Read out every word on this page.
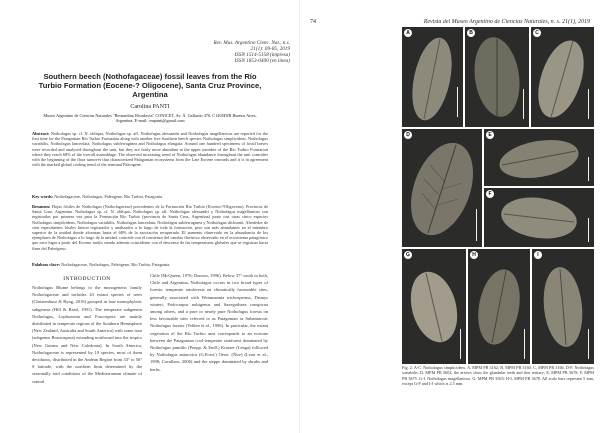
Rev. Mus. Argentino Cienc. Nat., n.s.
21(1): 69-85, 2019
ISSN 1514-5158 (impresa)
ISSN 1853-0400 (en línea)
Southern beech (Nothofagaceae) fossil leaves from the Río Turbio Formation (Eocene-? Oligocene), Santa Cruz Province, Argentina
Carolina PANTI
Museo Argentino de Ciencias Naturales "Bernardino Rivadavia" CONICET, Av. Á. Gallardo 470, C1405DJR Buenos Aires, Argentina. E-mail: cmpanti@gmail.com
Abstract: Nothofagus sp. cf. N. obliqua, Nothofagus sp. aff. Nothofagus alessandri and Nothofagus magellanicus are reported for the first time for the Patagonian Río Turbio Formation along with another five Southern beech species Nothofagus simplicidens, Nothofagus variabilis, Nothofagus lanceolata, Nothofagus subferruginea and Nothofagus elongata. Around one hundred specimens of fossil leaves were recorded and analysed throughout the unit, but they are fairly more abundant in the upper member of the Río Turbio Formation where they reach 68% of the overall assemblage. The observed increasing trend of Nothofagus abundance throughout the unit coincides with the beginning of the flora turnover that characterized Patagonian ecosystems from the Late Eocene onwards and it is in agreement with the marked global cooling trend of the terminal Paleogene.
Key words: Nothofagaceae, Nothofagus, Paleogene, Río Turbio, Patagonia.
Resumen: Hojas fósiles de Nothofagus (Nothofagaceae) procedentes de la Formación Río Turbio (Eoceno-?Oligoceno), Provincia de Santa Cruz, Argentina. Nothofagus sp. cf. N. obliqua, Nothofagus sp. aff. Nothofagus alessandri y Nothofagus magellanicus son registradas por primera vez para la Formación Río Turbio (provincia de Santa Cruz, Argentina) junto con otras cinco especies Nothofagus simplicidens, Nothofagus variabilis, Nothofagus lanceolata, Nothofagus subferruginea y Nothofagus dicksonii. Alrededor de cien especímenes fósiles fueron registrados y analizados a lo largo de toda la formación, pero son más abundantes en el miembro superior de la unidad donde alcanzan hasta el 68% de la asociación recuperada. El aumento observado en la abundancia de los ejemplares de Nothofagus a lo largo de la unidad, coincide con el comienzo del cambio florístico observado en el ecosistema patagónico que tuvo lugar a partir del Eoceno tardío siendo además coincidente con el descenso de las temperaturas globales que se registran hacia fines del Paleógeno.
Palabras clave: Nothofagaceae, Nothofagus, Paleógeno, Río Turbio, Patagonia.
INTRODUCTION
Nothofagus Blume belongs to the monogeneric family Nothofagaceae and includes 43 extant species of trees (Christenhusz & Byng, 2016) grouped in four monophyletic subgenera (Hill & Read, 1991). The temperate subgenera Nothofagus, Lophozonia and Fuscospora are mainly distributed in temperate regions of the Southern Hemisphere (New Zealand, Australia and South America) with some taxa (subgenus Brassospora) extending northward into the tropics (New Guinea and New Caledonia). In South America, Nothofagaceae is represented by 10 species, most of them deciduous, distributed in the Andean Region from 33° to 56° S latitude, with the northern limit determined by the seasonally arid conditions of the Mediterranean climate of central
Chile (McQueen, 1976; Donoso, 1996). Below 37° south in both, Chile and Argentina, Nothofagus occurs in two broad types of forests: temperate rainforests on climatically favourable sites, generally associated with Weinmannia trichosperma, Drimys winteri, Podocarpus nubigenus and Saxegothaea conspicua among others, and a pure or nearly pure Nothofagus forests on less favourable sites referred to as Patagonian or Subantarctic Nothofagus forests (Veblen et al., 1996). In particular, the extant vegetation of the Río Turbio area corresponds to an ecotone between the Patagonian cool-temperate rainforest dominated by Nothofagus pumilio (Poepp. & Endl.) Krasser (Lenga) followed by Nothofagus antarctica (G.Forst.) Oerst. (Ñire) (Leon et al., 1998; Cavallaro, 2006) and the steppe dominated by shrubs and herbs.
74	Revista del Museo Argentino de Ciencias Naturales, n. s. 21(1), 2019
A	B	C
D	E
F
G	H	I
Fig. 2. A-C. Nothofagus simplicidens. A, MPM PB 3162; B, MPM PB 3160; C, MPM PB 3166. D-F. Nothofagus variabilis. D, MPM PB 3602, the arrows show the glandular teeth and fine tertiary; E, MPM PB 3678; F, MPM PB 3675. G-I. Nothofagus magellanicus. G, MPM PB 3563; H-I, MPM PB 3678. All scale bars represent 5 mm, except G-F and I-J which is 2.5 mm.
